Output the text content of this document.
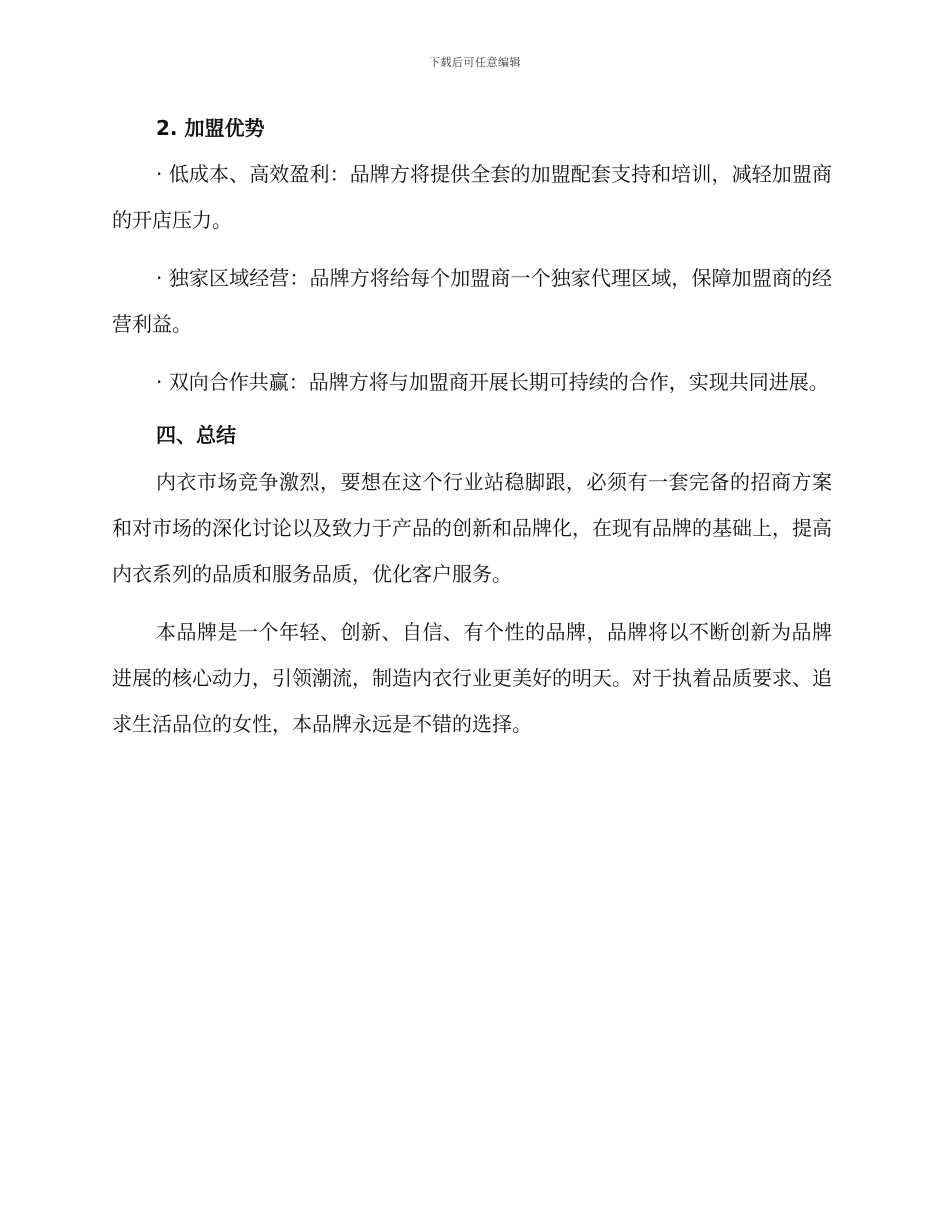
下载后可任意编辑
2. 加盟优势

· 低成本、高效盈利：品牌方将提供全套的加盟配套支持和培训，减轻加盟商的开店压力。

· 独家区域经营：品牌方将给每个加盟商一个独家代理区域，保障加盟商的经营利益。

· 双向合作共赢：品牌方将与加盟商开展长期可持续的合作，实现共同进展。

四、总结

内衣市场竞争激烈，要想在这个行业站稳脚跟，必须有一套完备的招商方案和对市场的深化讨论以及致力于产品的创新和品牌化，在现有品牌的基础上，提高内衣系列的品质和服务品质，优化客户服务。

本品牌是一个年轻、创新、自信、有个性的品牌，品牌将以不断创新为品牌进展的核心动力，引领潮流，制造内衣行业更美好的明天。对于执着品质要求、追求生活品位的女性，本品牌永远是不错的选择。
